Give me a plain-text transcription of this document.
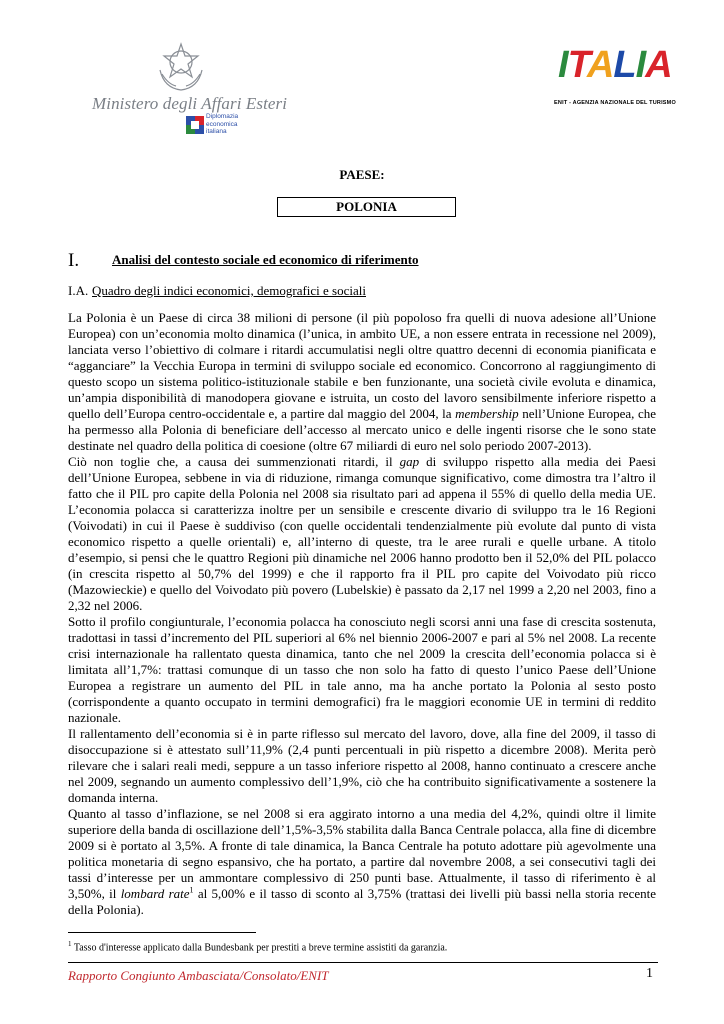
Ministero degli Affari Esteri
Diplomazia
economica
italiana
ITALIA
ENIT - AGENZIA NAZIONALE DEL TURISMO
PAESE:
POLONIA
I.	Analisi del contesto sociale ed economico di riferimento
I.A. Quadro degli indici economici, demografici e sociali

La Polonia è un Paese di circa 38 milioni di persone (il più popoloso fra quelli di nuova adesione all’Unione Europea) con un’economia molto dinamica (l’unica, in ambito UE, a non essere entrata in recessione nel 2009), lanciata verso l’obiettivo di colmare i ritardi accumulatisi negli oltre quattro decenni di economia pianificata e “agganciare” la Vecchia Europa in termini di sviluppo sociale ed economico. Concorrono al raggiungimento di questo scopo un sistema politico-istituzionale stabile e ben funzionante, una società civile evoluta e dinamica, un’ampia disponibilità di manodopera giovane e istruita, un costo del lavoro sensibilmente inferiore rispetto a quello dell’Europa centro-occidentale e, a partire dal maggio del 2004, la membership nell’Unione Europea, che ha permesso alla Polonia di beneficiare dell’accesso al mercato unico e delle ingenti risorse che le sono state destinate nel quadro della politica di coesione (oltre 67 miliardi di euro nel solo periodo 2007-2013).

Ciò non toglie che, a causa dei summenzionati ritardi, il gap di sviluppo rispetto alla media dei Paesi dell’Unione Europea, sebbene in via di riduzione, rimanga comunque significativo, come dimostra tra l’altro il fatto che il PIL pro capite della Polonia nel 2008 sia risultato pari ad appena il 55% di quello della media UE. L’economia polacca si caratterizza inoltre per un sensibile e crescente divario di sviluppo tra le 16 Regioni (Voivodati) in cui il Paese è suddiviso (con quelle occidentali tendenzialmente più evolute dal punto di vista economico rispetto a quelle orientali) e, all’interno di queste, tra le aree rurali e quelle urbane. A titolo d’esempio, si pensi che le quattro Regioni più dinamiche nel 2006 hanno prodotto ben il 52,0% del PIL polacco (in crescita rispetto al 50,7% del 1999) e che il rapporto fra il PIL pro capite del Voivodato più ricco (Mazowieckie) e quello del Voivodato più povero (Lubelskie) è passato da 2,17 nel 1999 a 2,20 nel 2003, fino a 2,32 nel 2006.

Sotto il profilo congiunturale, l’economia polacca ha conosciuto negli scorsi anni una fase di crescita sostenuta, tradottasi in tassi d’incremento del PIL superiori al 6% nel biennio 2006-2007 e pari al 5% nel 2008. La recente crisi internazionale ha rallentato questa dinamica, tanto che nel 2009 la crescita dell’economia polacca si è limitata all’1,7%: trattasi comunque di un tasso che non solo ha fatto di questo l’unico Paese dell’Unione Europea a registrare un aumento del PIL in tale anno, ma ha anche portato la Polonia al sesto posto (corrispondente a quanto occupato in termini demografici) fra le maggiori economie UE in termini di reddito nazionale.

Il rallentamento dell’economia si è in parte riflesso sul mercato del lavoro, dove, alla fine del 2009, il tasso di disoccupazione si è attestato sull’11,9% (2,4 punti percentuali in più rispetto a dicembre 2008). Merita però rilevare che i salari reali medi, seppure a un tasso inferiore rispetto al 2008, hanno continuato a crescere anche nel 2009, segnando un aumento complessivo dell’1,9%, ciò che ha contribuito significativamente a sostenere la domanda interna.

Quanto al tasso d’inflazione, se nel 2008 si era aggirato intorno a una media del 4,2%, quindi oltre il limite superiore della banda di oscillazione dell’1,5%-3,5% stabilita dalla Banca Centrale polacca, alla fine di dicembre 2009 si è portato al 3,5%. A fronte di tale dinamica, la Banca Centrale ha potuto adottare più agevolmente una politica monetaria di segno espansivo, che ha portato, a partire dal novembre 2008, a sei consecutivi tagli dei tassi d’interesse per un ammontare complessivo di 250 punti base. Attualmente, il tasso di riferimento è al 3,50%, il lombard rate$^1$ al 5,00% e il tasso di sconto al 3,75% (trattasi dei livelli più bassi nella storia recente della Polonia).

$^1$ Tasso d'interesse applicato dalla Bundesbank per prestiti a breve termine assistiti da garanzia.
Rapporto Congiunto Ambasciata/Consolato/ENIT	1
